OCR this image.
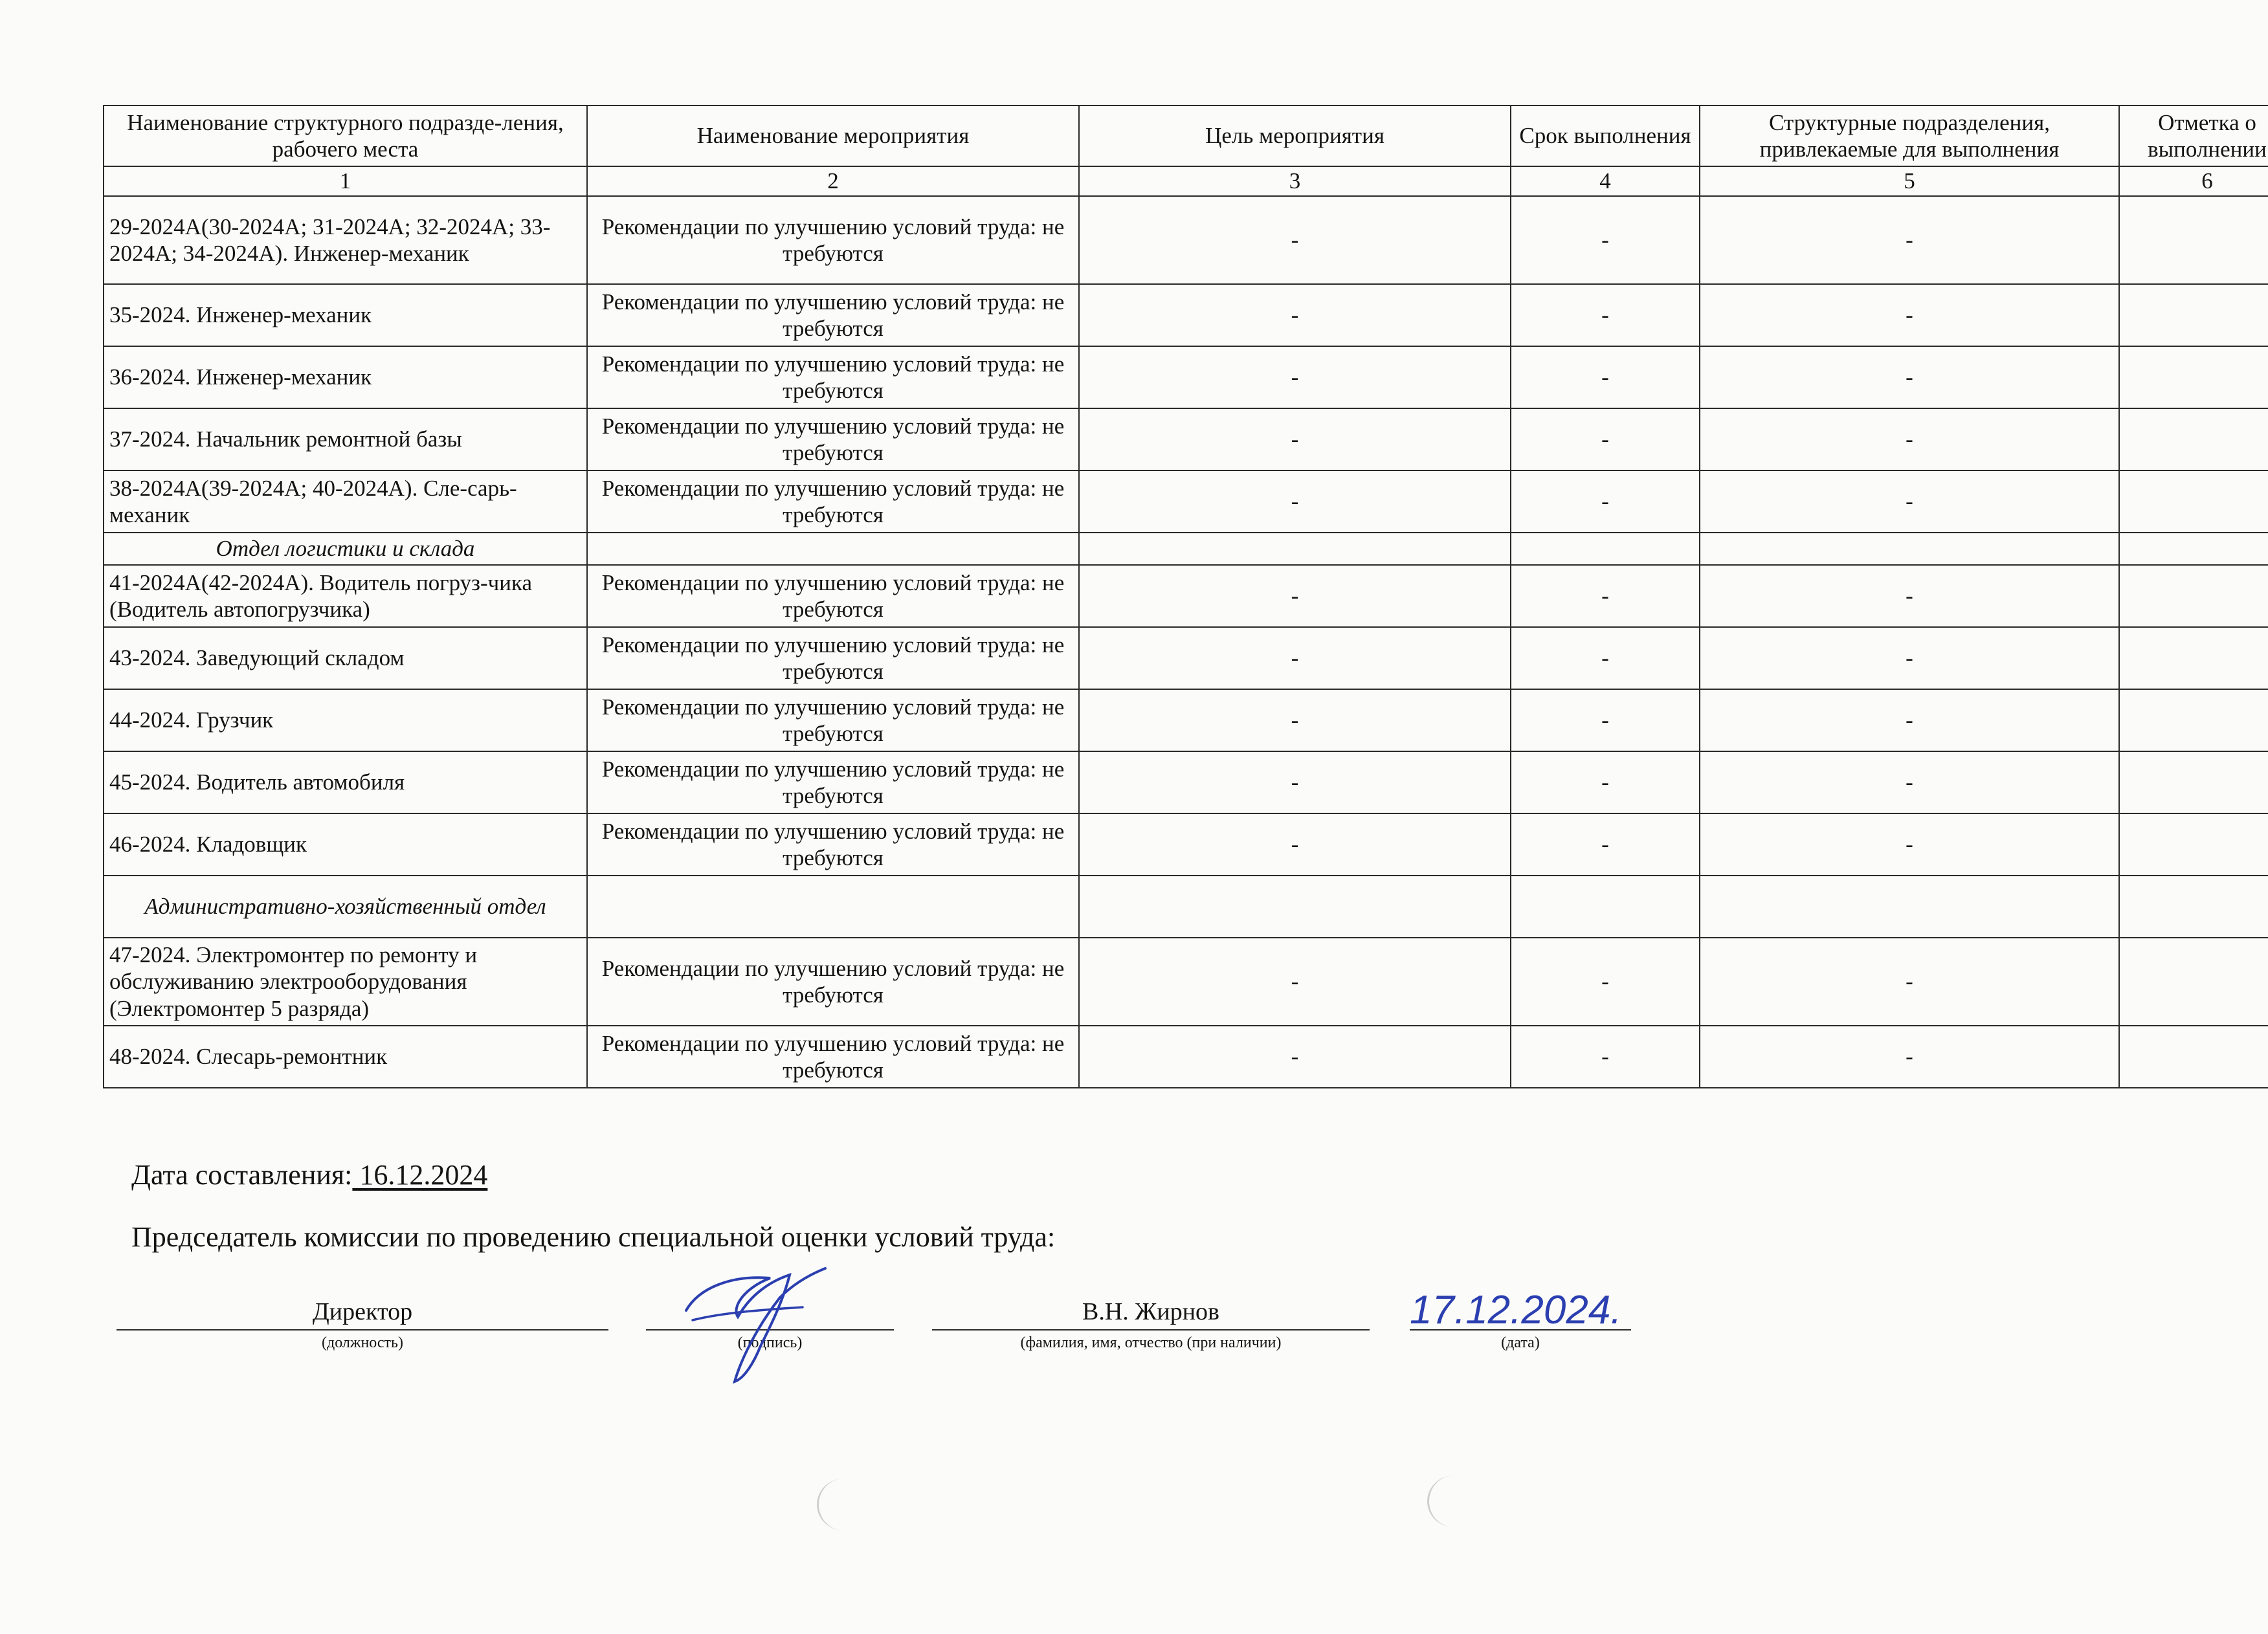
Наименование структурного подразде-ления, рабочего места	Наименование мероприятия	Цель мероприятия	Срок выполнения	Структурные подразделения, привлекаемые для выполнения	Отметка о выполнении
1	2	3	4	5	6
29-2024А(30-2024А; 31-2024А; 32-2024А; 33-2024А; 34-2024А). Инженер-механик	Рекомендации по улучшению условий труда: не требуются	-	-	-	
35-2024. Инженер-механик	Рекомендации по улучшению условий труда: не требуются	-	-	-	
36-2024. Инженер-механик	Рекомендации по улучшению условий труда: не требуются	-	-	-	
37-2024. Начальник ремонтной базы	Рекомендации по улучшению условий труда: не требуются	-	-	-	
38-2024А(39-2024А; 40-2024А). Сле-сарь-механик	Рекомендации по улучшению условий труда: не требуются	-	-	-	
Отдел логистики и склада					
41-2024А(42-2024А). Водитель погруз-чика (Водитель автопогрузчика)	Рекомендации по улучшению условий труда: не требуются	-	-	-	
43-2024. Заведующий складом	Рекомендации по улучшению условий труда: не требуются	-	-	-	
44-2024. Грузчик	Рекомендации по улучшению условий труда: не требуются	-	-	-	
45-2024. Водитель автомобиля	Рекомендации по улучшению условий труда: не требуются	-	-	-	
46-2024. Кладовщик	Рекомендации по улучшению условий труда: не требуются	-	-	-	
Административно-хозяйственный отдел					
47-2024. Электромонтер по ремонту и обслуживанию электрооборудования (Электромонтер 5 разряда)	Рекомендации по улучшению условий труда: не требуются	-	-	-	
48-2024. Слесарь-ремонтник	Рекомендации по улучшению условий труда: не требуются	-	-	-	
Дата составления: 16.12.2024
Председатель комиссии по проведению специальной оценки условий труда:
Директор
(должность)	(подпись)
В.Н. Жирнов
(фамилия, имя, отчество (при наличии)	(дата)
17.12.2024.
